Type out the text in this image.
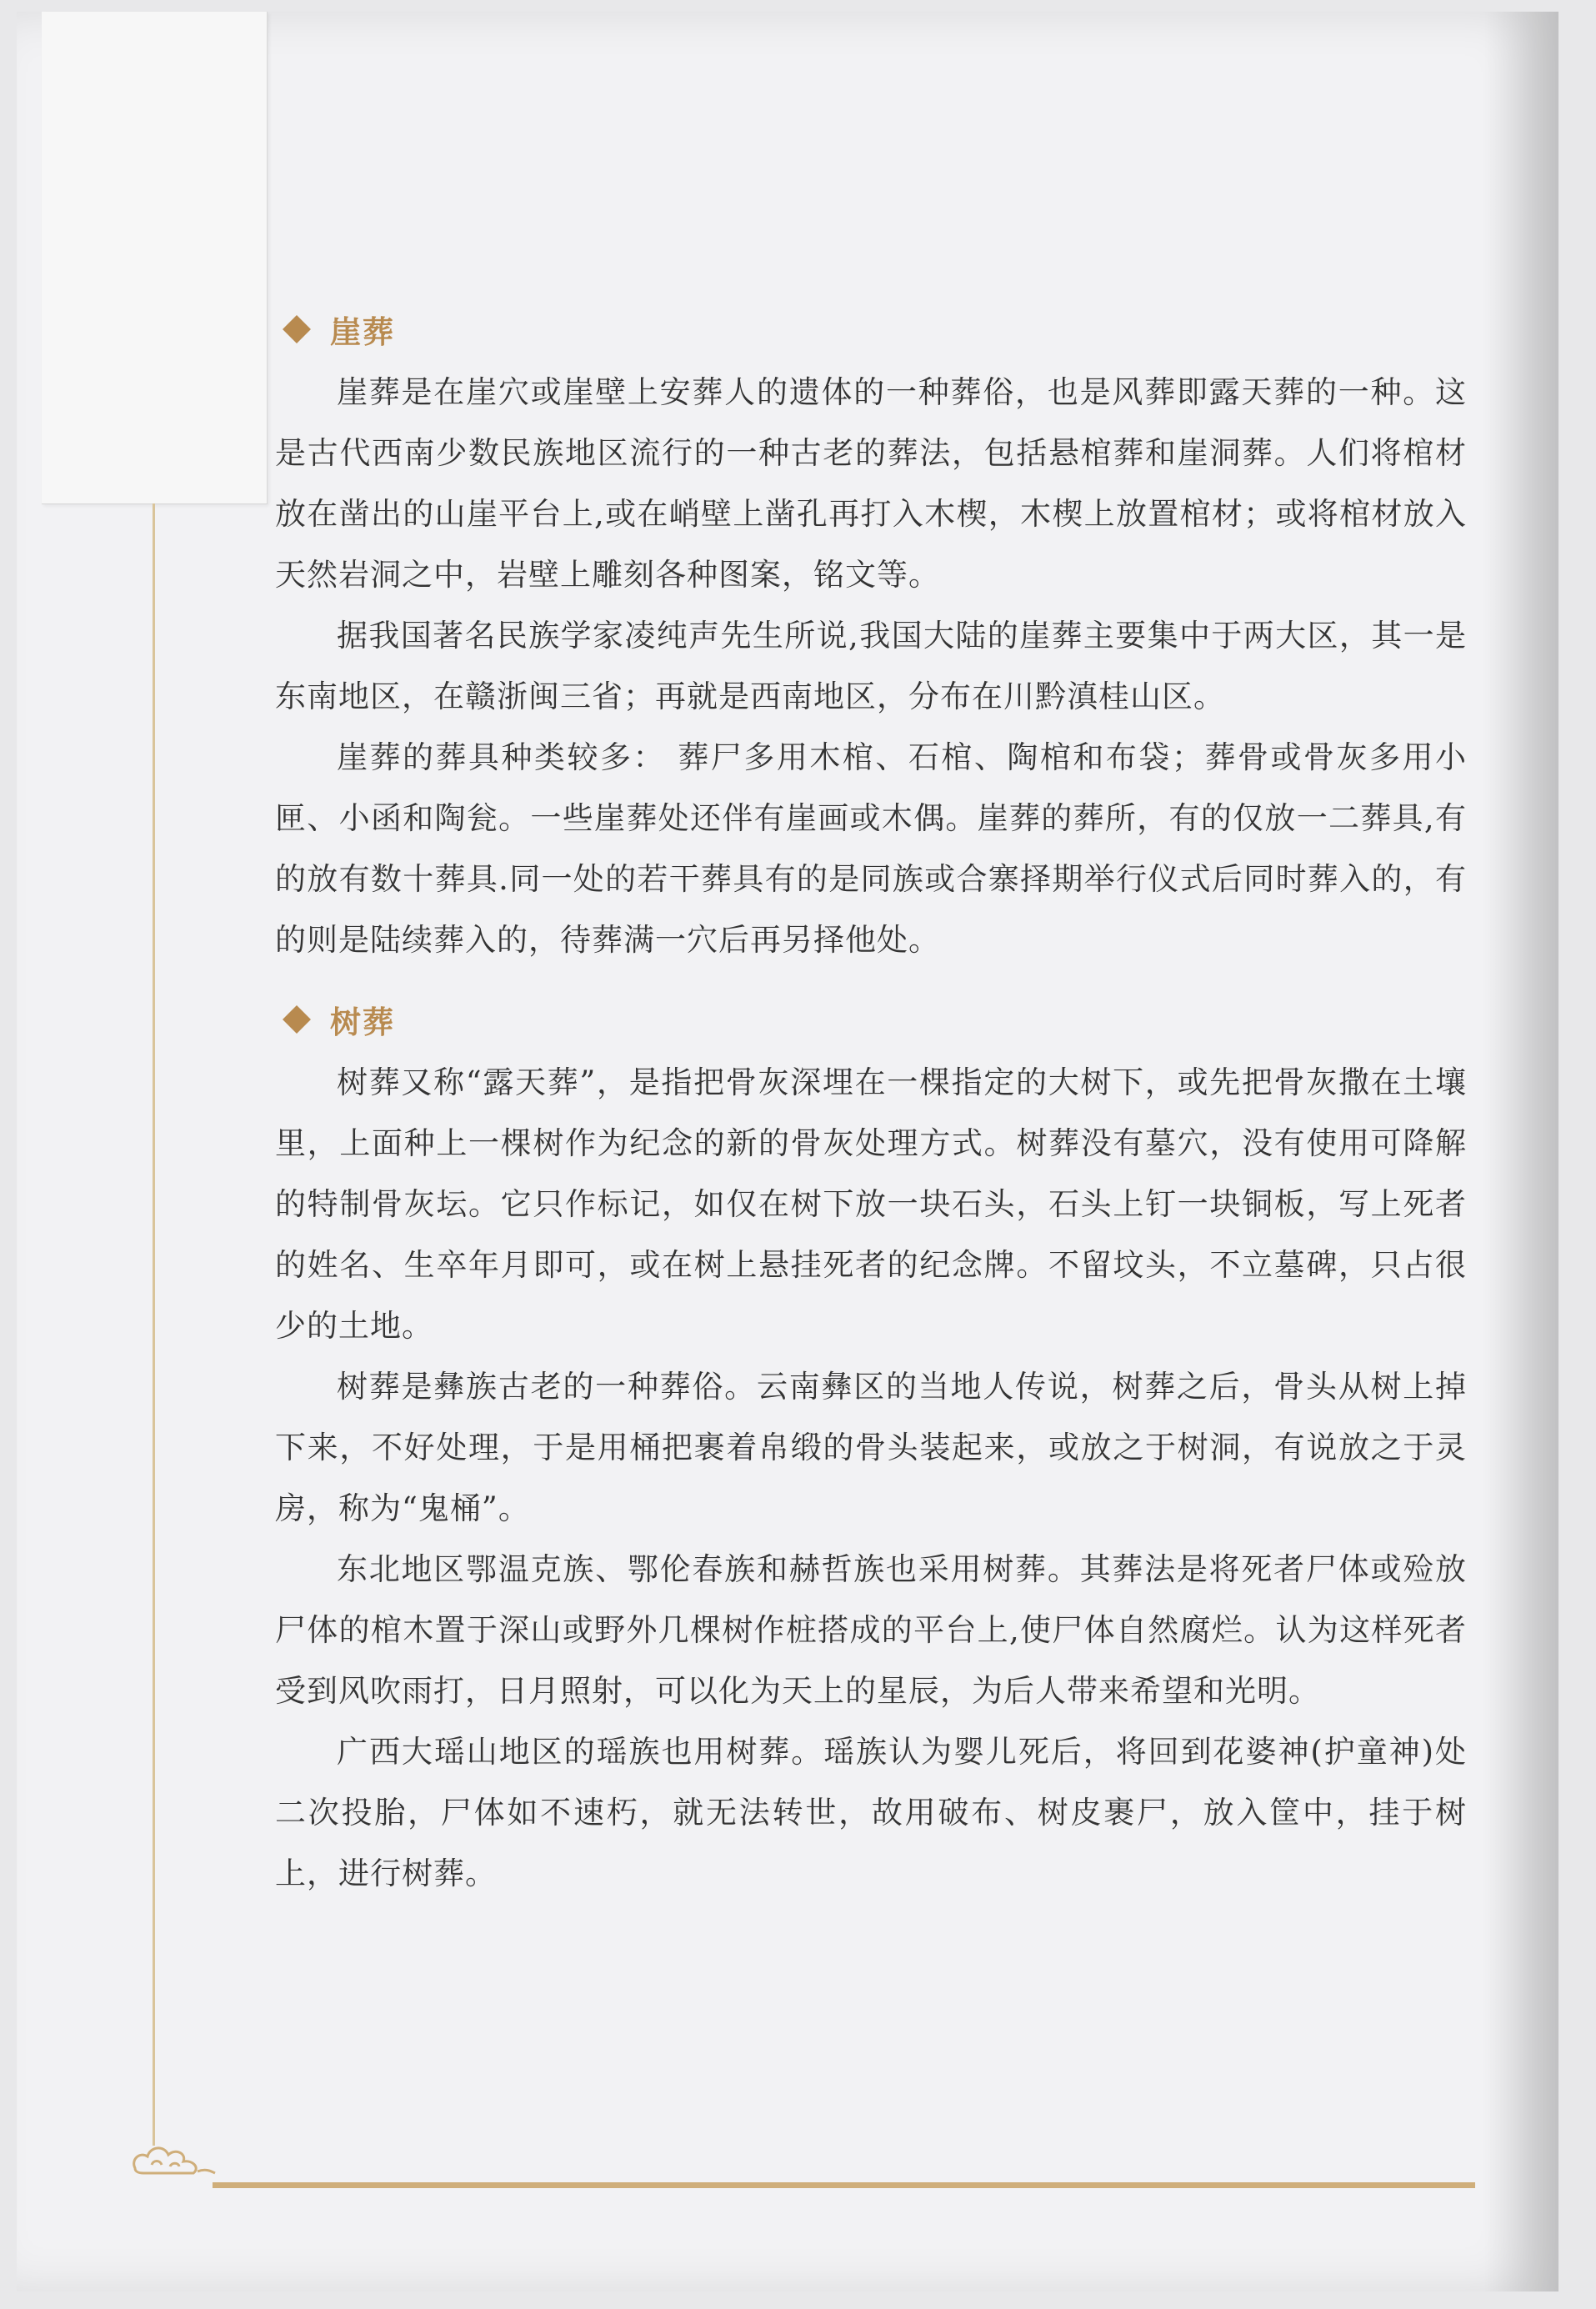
崖葬

崖葬是在崖穴或崖壁上安葬人的遗体的一种葬俗，也是风葬即露天葬的一种。这是古代西南少数民族地区流行的一种古老的葬法，包括悬棺葬和崖洞葬。人们将棺材放在凿出的山崖平台上,或在峭壁上凿孔再打入木楔，木楔上放置棺材；或将棺材放入天然岩洞之中，岩壁上雕刻各种图案，铭文等。

据我国著名民族学家凌纯声先生所说,我国大陆的崖葬主要集中于两大区，其一是东南地区，在赣浙闽三省；再就是西南地区，分布在川黔滇桂山区。

崖葬的葬具种类较多： 葬尸多用木棺、石棺、陶棺和布袋；葬骨或骨灰多用小匣、小函和陶瓮。一些崖葬处还伴有崖画或木偶。崖葬的葬所，有的仅放一二葬具,有的放有数十葬具.同一处的若干葬具有的是同族或合寨择期举行仪式后同时葬入的，有的则是陆续葬入的，待葬满一穴后再另择他处。

树葬

树葬又称“露天葬”，是指把骨灰深埋在一棵指定的大树下，或先把骨灰撒在土壤里，上面种上一棵树作为纪念的新的骨灰处理方式。树葬没有墓穴，没有使用可降解的特制骨灰坛。它只作标记，如仅在树下放一块石头，石头上钉一块铜板，写上死者的姓名、生卒年月即可，或在树上悬挂死者的纪念牌。不留坟头，不立墓碑，只占很少的土地。

树葬是彝族古老的一种葬俗。云南彝区的当地人传说，树葬之后，骨头从树上掉下来，不好处理，于是用桶把裹着帛缎的骨头装起来，或放之于树洞，有说放之于灵房，称为“鬼桶”。

东北地区鄂温克族、鄂伦春族和赫哲族也采用树葬。其葬法是将死者尸体或殓放尸体的棺木置于深山或野外几棵树作桩搭成的平台上,使尸体自然腐烂。认为这样死者受到风吹雨打，日月照射，可以化为天上的星辰，为后人带来希望和光明。

广西大瑶山地区的瑶族也用树葬。瑶族认为婴儿死后，将回到花婆神(护童神)处二次投胎，尸体如不速朽，就无法转世，故用破布、树皮裹尸，放入筐中，挂于树上，进行树葬。
